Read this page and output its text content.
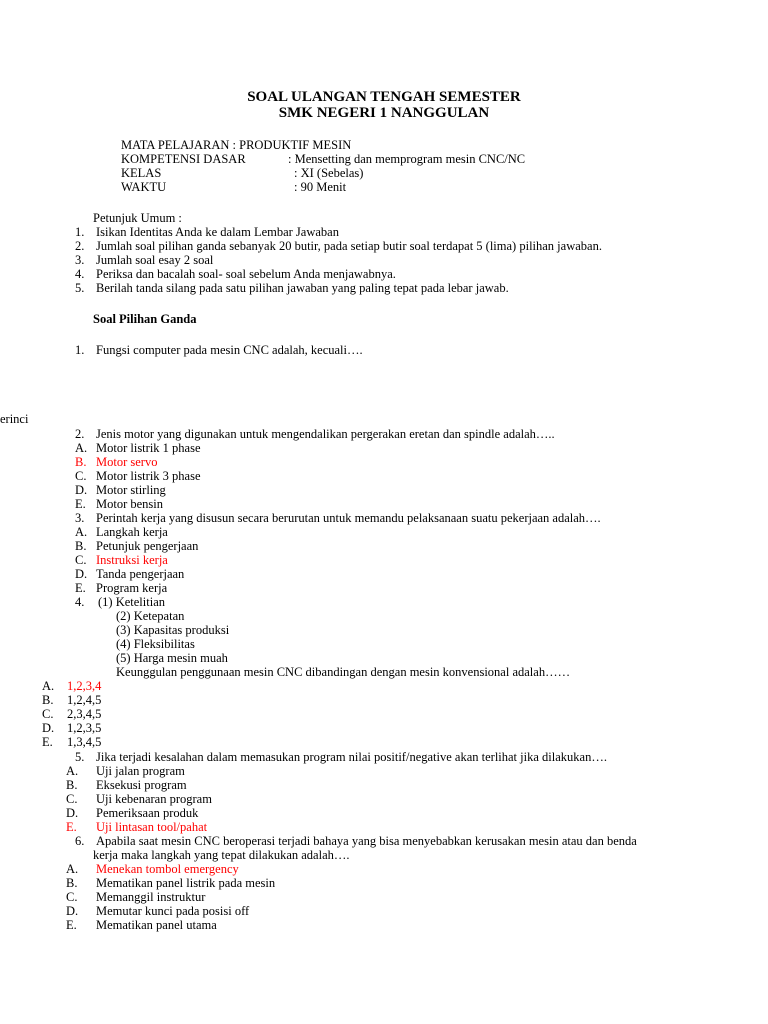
SOAL ULANGAN TENGAH SEMESTER
SMK NEGERI 1 NANGGULAN
MATA PELAJARAN : PRODUKTIF MESIN
KOMPETENSI DASAR	: Mensetting dan memprogram mesin CNC/NC
KELAS	: XI (Sebelas)
WAKTU	: 90 Menit
Petunjuk Umum :
1. Isikan Identitas Anda ke dalam Lembar Jawaban
2. Jumlah soal pilihan ganda sebanyak 20 butir, pada setiap butir soal terdapat 5 (lima) pilihan jawaban.
3. Jumlah soal esay 2 soal
4. Periksa dan bacalah soal- soal sebelum Anda menjawabnya.
5. Berilah tanda silang pada satu pilihan jawaban yang paling tepat pada lebar jawab.
Soal Pilihan Ganda
1. Fungsi computer pada mesin CNC adalah, kecuali….
erinci
2. Jenis motor yang digunakan untuk mengendalikan pergerakan eretan dan spindle adalah…..
A. Motor listrik 1 phase
B. Motor servo
C. Motor listrik 3 phase
D. Motor stirling
E. Motor bensin
3. Perintah kerja yang disusun secara berurutan untuk memandu pelaksanaan suatu pekerjaan adalah….
A. Langkah kerja
B. Petunjuk pengerjaan
C. Instruksi kerja
D. Tanda pengerjaan
E. Program kerja
4. (1) Ketelitian
(2) Ketepatan
(3) Kapasitas produksi
(4) Fleksibilitas
(5) Harga mesin muah
Keunggulan penggunaan mesin CNC dibandingan dengan mesin konvensional adalah……
A. 1,2,3,4
B. 1,2,4,5
C. 2,3,4,5
D. 1,2,3,5
E. 1,3,4,5
5. Jika terjadi kesalahan dalam memasukan program nilai positif/negative akan terlihat jika dilakukan….
A. Uji jalan program
B. Eksekusi program
C. Uji kebenaran program
D. Pemeriksaan produk
E. Uji lintasan tool/pahat
6. Apabila saat mesin CNC beroperasi terjadi bahaya yang bisa menyebabkan kerusakan mesin atau dan benda
kerja maka langkah yang tepat dilakukan adalah….
A. Menekan tombol emergency
B. Mematikan panel listrik pada mesin
C. Memanggil instruktur
D. Memutar kunci pada posisi off
E. Mematikan panel utama
